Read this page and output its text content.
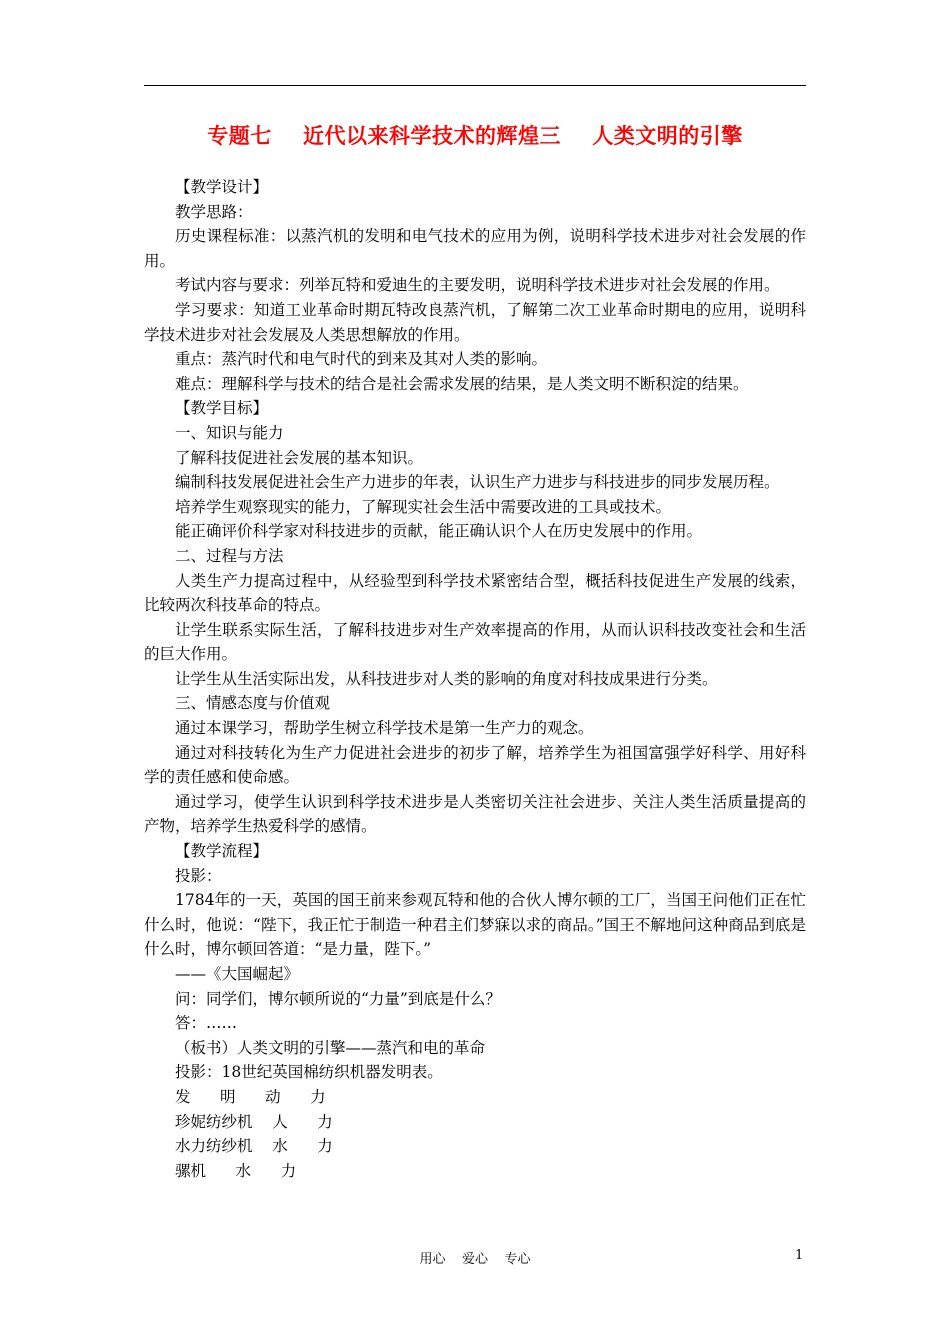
专题七    近代以来科学技术的辉煌三    人类文明的引擎

【教学设计】

教学思路：

历史课程标准：以蒸汽机的发明和电气技术的应用为例，说明科学技术进步对社会发展的作用。

考试内容与要求：列举瓦特和爱迪生的主要发明，说明科学技术进步对社会发展的作用。

学习要求：知道工业革命时期瓦特改良蒸汽机，了解第二次工业革命时期电的应用，说明科学技术进步对社会发展及人类思想解放的作用。

重点：蒸汽时代和电气时代的到来及其对人类的影响。

难点：理解科学与技术的结合是社会需求发展的结果，是人类文明不断积淀的结果。

【教学目标】

一、知识与能力

了解科技促进社会发展的基本知识。

编制科技发展促进社会生产力进步的年表，认识生产力进步与科技进步的同步发展历程。

培养学生观察现实的能力，了解现实社会生活中需要改进的工具或技术。

能正确评价科学家对科技进步的贡献，能正确认识个人在历史发展中的作用。

二、过程与方法

人类生产力提高过程中，从经验型到科学技术紧密结合型，概括科技促进生产发展的线索，比较两次科技革命的特点。

让学生联系实际生活，了解科技进步对生产效率提高的作用，从而认识科技改变社会和生活的巨大作用。

让学生从生活实际出发，从科技进步对人类的影响的角度对科技成果进行分类。

三、情感态度与价值观

通过本课学习，帮助学生树立科学技术是第一生产力的观念。

通过对科技转化为生产力促进社会进步的初步了解，培养学生为祖国富强学好科学、用好科学的责任感和使命感。

通过学习，使学生认识到科学技术进步是人类密切关注社会进步、关注人类生活质量提高的产物，培养学生热爱科学的感情。

【教学流程】

投影：

1784年的一天，英国的国王前来参观瓦特和他的合伙人博尔顿的工厂，当国王问他们正在忙什么时，他说：“陛下，我正忙于制造一种君主们梦寐以求的商品。”国王不解地问这种商品到底是什么时，博尔顿回答道：“是力量，陛下。”

——《大国崛起》

问：同学们，博尔顿所说的“力量”到底是什么？

答：……

（板书）人类文明的引擎——蒸汽和电的革命

投影：18世纪英国棉纺织机器发明表。

发      明      动      力

珍妮纺纱机    人      力

水力纺纱机    水      力

骡机      水      力

用心    爱心    专心	1
